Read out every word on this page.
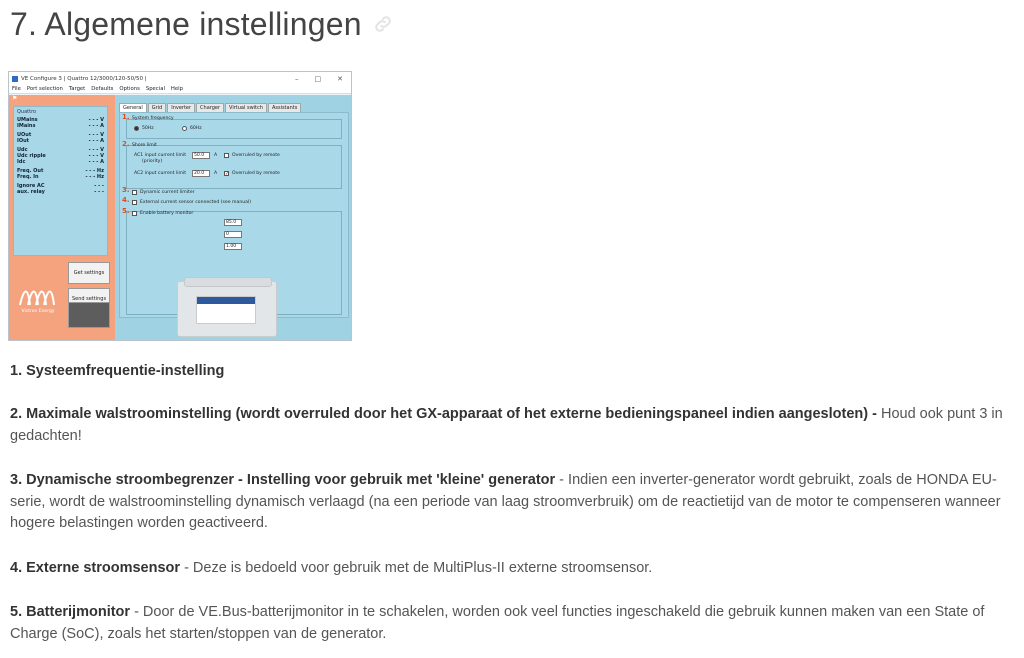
7. Algemene instellingen
VE Configure 3 | Quattro 12/3000/120-50/50 |	– □ ✕
File Port selection Target Defaults Options Special Help
⚑
Quattro
UMains	- - - V
IMains	- - - A
UOut	- - - V
IOut	- - - A
Udc	- - - V
Udc ripple	- - - V
Idc	- - - A
Freq. Out	- - - Hz
Freq. In	- - - Hz
Ignore AC	- - -
aux. relay	- - -
Get settings
Send settings
Victron Energy
General	Grid	Inverter	Charger	Virtual switch	Assistants
1. System frequency
50Hz	60Hz
2. Shore limit
AC1 input current limit
(priority)
50.0	A	Overruled by remote
AC2 input current limit	20.0	A ✓ Overruled by remote
3. Dynamic current limiter
4. External current sensor connected (see manual)
5. Enable battery monitor
85.0
0
1.00
1. Systeemfrequentie-instelling
2. Maximale walstroominstelling (wordt overruled door het GX-apparaat of het externe bedieningspaneel indien aangesloten) - Houd ook punt 3 in gedachten!
3. Dynamische stroombegrenzer - Instelling voor gebruik met 'kleine' generator - Indien een inverter-generator wordt gebruikt, zoals de HONDA EU-serie, wordt de walstroominstelling dynamisch verlaagd (na een periode van laag stroomverbruik) om de reactietijd van de motor te compenseren wanneer hogere belastingen worden geactiveerd.
4. Externe stroomsensor - Deze is bedoeld voor gebruik met de MultiPlus-II externe stroomsensor.
5. Batterijmonitor - Door de VE.Bus-batterijmonitor in te schakelen, worden ook veel functies ingeschakeld die gebruik kunnen maken van een State of Charge (SoC), zoals het starten/stoppen van de generator.
